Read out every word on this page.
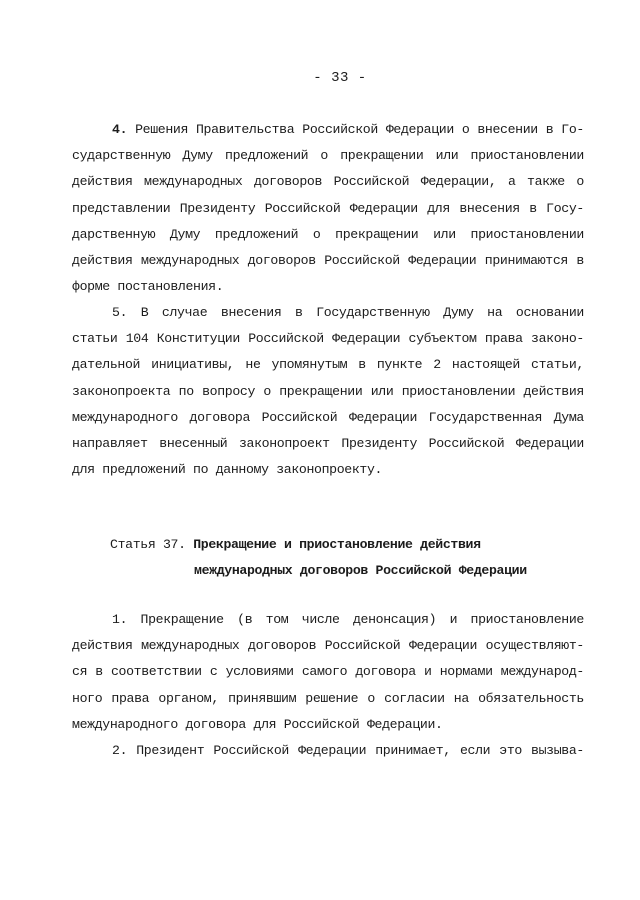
- 33 -
4. Решения Правительства Российской Федерации о внесении в Го-
сударственную Думу предложений о прекращении или приостановлении
действия международных договоров Российской Федерации, а также о
представлении Президенту Российской Федерации для внесения в Госу-
дарственную Думу предложений о прекращении или приостановлении
действия международных договоров Российской Федерации принимаются в
форме постановления.
5. В случае внесения в Государственную Думу на основании
статьи 104 Конституции Российской Федерации субъектом права законо-
дательной инициативы, не упомянутым в пункте 2 настоящей статьи,
законопроекта по вопросу о прекращении или приостановлении действия
международного договора Российской Федерации Государственная Дума
направляет внесенный законопроект Президенту Российской Федерации
для предложений по данному законопроекту.
Статья 37. Прекращение и приостановление действия
международных договоров Российской Федерации
1. Прекращение (в том числе денонсация) и приостановление
действия международных договоров Российской Федерации осуществляют-
ся в соответствии с условиями самого договора и нормами международ-
ного права органом, принявшим решение о согласии на обязательность
международного договора для Российской Федерации.
2. Президент Российской Федерации принимает, если это вызыва-
